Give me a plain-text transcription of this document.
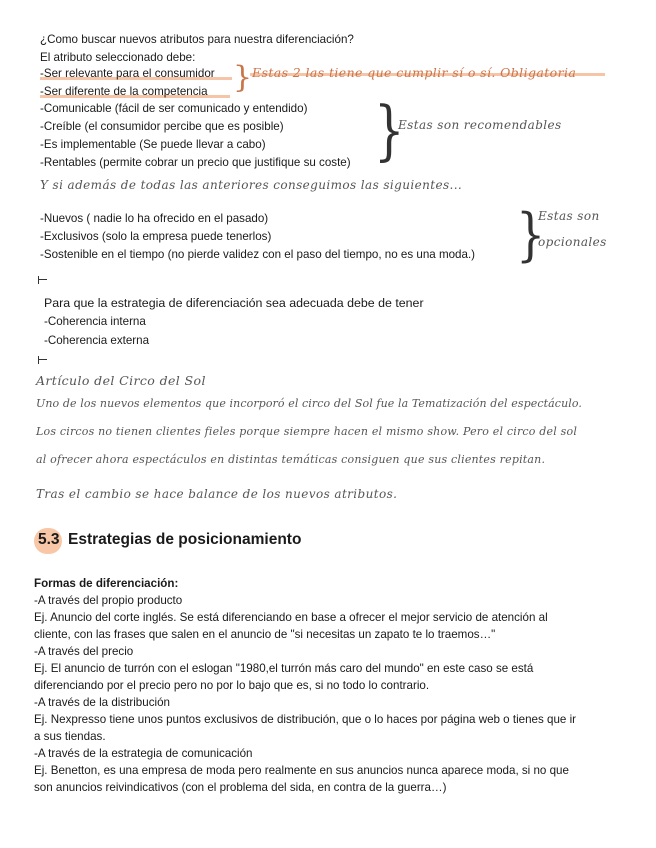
¿Como buscar nuevos atributos para nuestra diferenciación?
El atributo seleccionado debe:
-Ser relevante para el consumidor
-Ser diferente de la competencia } Estas 2 las tiene que cumplir sí o sí. Obligatoria
-Comunicable (fácil de ser comunicado y entendido)
-Creíble (el consumidor percibe que es posible)
-Es implementable (Se puede llevar a cabo)
-Rentables (permite cobrar un precio que justifique su coste) }
Estas son recomendables
Y si además de todas las anteriores conseguimos las siguientes...
-Nuevos ( nadie lo ha ofrecido en el pasado)
-Exclusivos (solo la empresa puede tenerlos)
-Sostenible en el tiempo (no pierde validez con el paso del tiempo, no es una moda.) }
Estas son
opcionales
Para que la estrategia de diferenciación sea adecuada debe de tener
-Coherencia interna
-Coherencia externa
Artículo del Circo del Sol
Uno de los nuevos elementos que incorporó el circo del Sol fue la Tematización del espectáculo.
Los circos no tienen clientes fieles porque siempre hacen el mismo show. Pero el circo del sol
al ofrecer ahora espectáculos en distintas temáticas consiguen que sus clientes repitan.
Tras el cambio se hace balance de los nuevos atributos.
5.3 Estrategias de posicionamiento
Formas de diferenciación:
-A través del propio producto
Ej. Anuncio del corte inglés. Se está diferenciando en base a ofrecer el mejor servicio de atención al
cliente, con las frases que salen en el anuncio de "si necesitas un zapato te lo traemos…"
-A través del precio
Ej. El anuncio de turrón con el eslogan "1980,el turrón más caro del mundo" en este caso se está
diferenciando por el precio pero no por lo bajo que es, si no todo lo contrario.
-A través de la distribución
Ej. Nexpresso tiene unos puntos exclusivos de distribución, que o lo haces por página web o tienes que ir
a sus tiendas.
-A través de la estrategia de comunicación
Ej. Benetton, es una empresa de moda pero realmente en sus anuncios nunca aparece moda, si no que
son anuncios reivindicativos (con el problema del sida, en contra de la guerra…)
